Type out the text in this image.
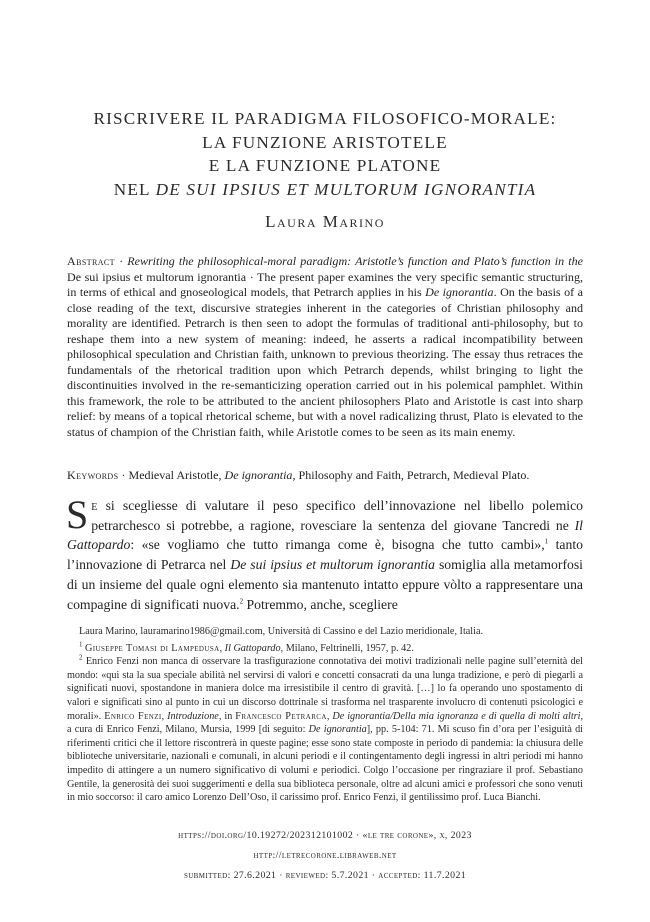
RISCRIVERE IL PARADIGMA FILOSOFICO-MORALE:
LA FUNZIONE ARISTOTELE
E LA FUNZIONE PLATONE
NEL DE SUI IPSIUS ET MULTORUM IGNORANTIA
Laura Marino
Abstract · Rewriting the philosophical-moral paradigm: Aristotle’s function and Plato’s function in the De sui ipsius et multorum ignorantia · The present paper examines the very specific semantic structuring, in terms of ethical and gnoseological models, that Petrarch applies in his De ignorantia. On the basis of a close reading of the text, discursive strategies inherent in the categories of Christian philosophy and morality are identified. Petrarch is then seen to adopt the formulas of traditional anti-philosophy, but to reshape them into a new system of meaning: indeed, he asserts a radical incompatibility between philosophical speculation and Christian faith, unknown to previous theorizing. The essay thus retraces the fundamentals of the rhetorical tradition upon which Petrarch depends, whilst bringing to light the discontinuities involved in the re-semanticizing operation carried out in his polemical pamphlet. Within this framework, the role to be attributed to the ancient philosophers Plato and Aristotle is cast into sharp relief: by means of a topical rhetorical scheme, but with a novel radicalizing thrust, Plato is elevated to the status of champion of the Christian faith, while Aristotle comes to be seen as its main enemy.
Keywords · Medieval Aristotle, De ignorantia, Philosophy and Faith, Petrarch, Medieval Plato.
Se si scegliesse di valutare il peso specifico dell’innovazione nel libello polemico petrarchesco si potrebbe, a ragione, rovesciare la sentenza del giovane Tancredi ne Il Gattopardo: «se vogliamo che tutto rimanga come è, bisogna che tutto cambi»,$^1$ tanto l’innovazione di Petrarca nel De sui ipsius et multorum ignorantia somiglia alla metamorfosi di un insieme del quale ogni elemento sia mantenuto intatto eppure vòlto a rappresentare una compagine di significati nuova.$^2$ Potremmo, anche, scegliere

Laura Marino, lauramarino1986@gmail.com, Università di Cassino e del Lazio meridionale, Italia.

$^1$ Giuseppe Tomasi di Lampedusa, Il Gattopardo, Milano, Feltrinelli, 1957, p. 42.

$^2$ Enrico Fenzi non manca di osservare la trasfigurazione connotativa dei motivi tradizionali nelle pagine sull’eternità del mondo: «qui sta la sua speciale abilità nel servirsi di valori e concetti consacrati da una lunga tradizione, e però di piegarli a significati nuovi, spostandone in maniera dolce ma irresistibile il centro di gravità. […] lo fa operando uno spostamento di valori e significati sino al punto in cui un discorso dottrinale si trasforma nel trasparente involucro di contenuti psicologici e morali». Enrico Fenzi, Introduzione, in Francesco Petrarca, De ignorantia/Della mia ignoranza e di quella di molti altri, a cura di Enrico Fenzi, Milano, Mursia, 1999 [di seguito: De ignorantia], pp. 5-104: 71. Mi scuso fin d’ora per l’esiguità di riferimenti critici che il lettore riscontrerà in queste pagine; esse sono state composte in periodo di pandemia: la chiusura delle biblioteche universitarie, nazionali e comunali, in alcuni periodi e il contingentamento degli ingressi in altri periodi mi hanno impedito di attingere a un numero significativo di volumi e periodici. Colgo l’occasione per ringraziare il prof. Sebastiano Gentile, la generosità dei suoi suggerimenti e della sua biblioteca personale, oltre ad alcuni amici e professori che sono venuti in mio soccorso: il caro amico Lorenzo Dell’Oso, il carissimo prof. Enrico Fenzi, il gentilissimo prof. Luca Bianchi.

https://doi.org/10.19272/202312101002 · «le tre corone», x, 2023
http://letrecorone.libraweb.net
submitted: 27.6.2021 · reviewed: 5.7.2021 · accepted: 11.7.2021
